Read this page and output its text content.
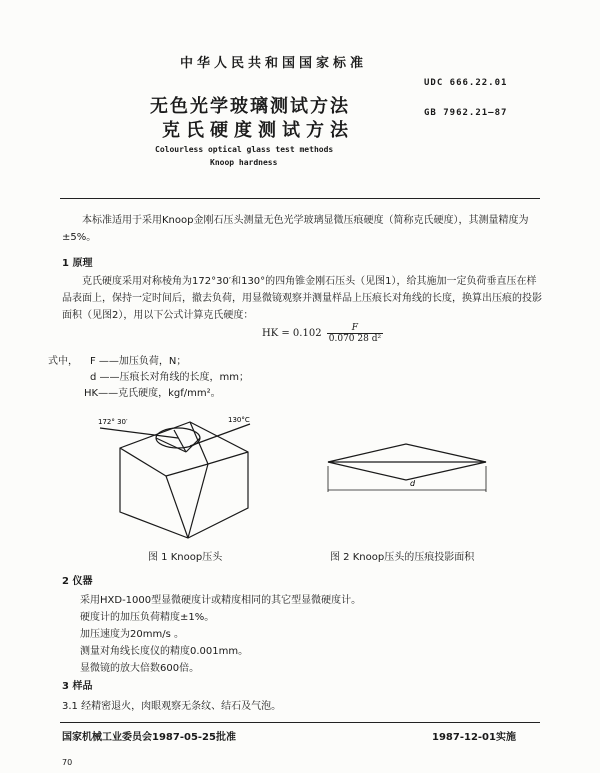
中华人民共和国国家标准
UDC 666.22.01
GB 7962.21—87
无色光学玻璃测试方法
克氏硬度测试方法
Colourless optical glass test methods
Knoop hardness
本标准适用于采用Knoop金刚石压头测量无色光学玻璃显微压痕硬度（简称克氏硬度），其测量精度为±5%。
1 原理
克氏硬度采用对称棱角为172°30′和130°的四角锥金刚石压头（见图1），给其施加一定负荷垂直压在样品表面上，保持一定时间后，撤去负荷，用显微镜观察并测量样品上压痕长对角线的长度，换算出压痕的投影面积（见图2），用以下公式计算克氏硬度：
HK = $0.102 \frac{F}{\text{0.070 28 d²}}$
式中， F ——加压负荷，N；
d ——压痕长对角线的长度，mm；
HK——克氏硬度，kgf/mm²。
172° 30′	130°C
d
图 1 Knoop压头	图 2 Knoop压头的压痕投影面积
2 仪器
采用HXD-1000型显微硬度计或精度相同的其它型显微硬度计。
硬度计的加压负荷精度±1%。
加压速度为20mm/s 。
测量对角线长度仪的精度0.001mm。
显微镜的放大倍数600倍。
3 样品
3.1 经精密退火，肉眼观察无条纹、结石及气泡。
国家机械工业委员会1987-05-25批准	1987-12-01实施
70
